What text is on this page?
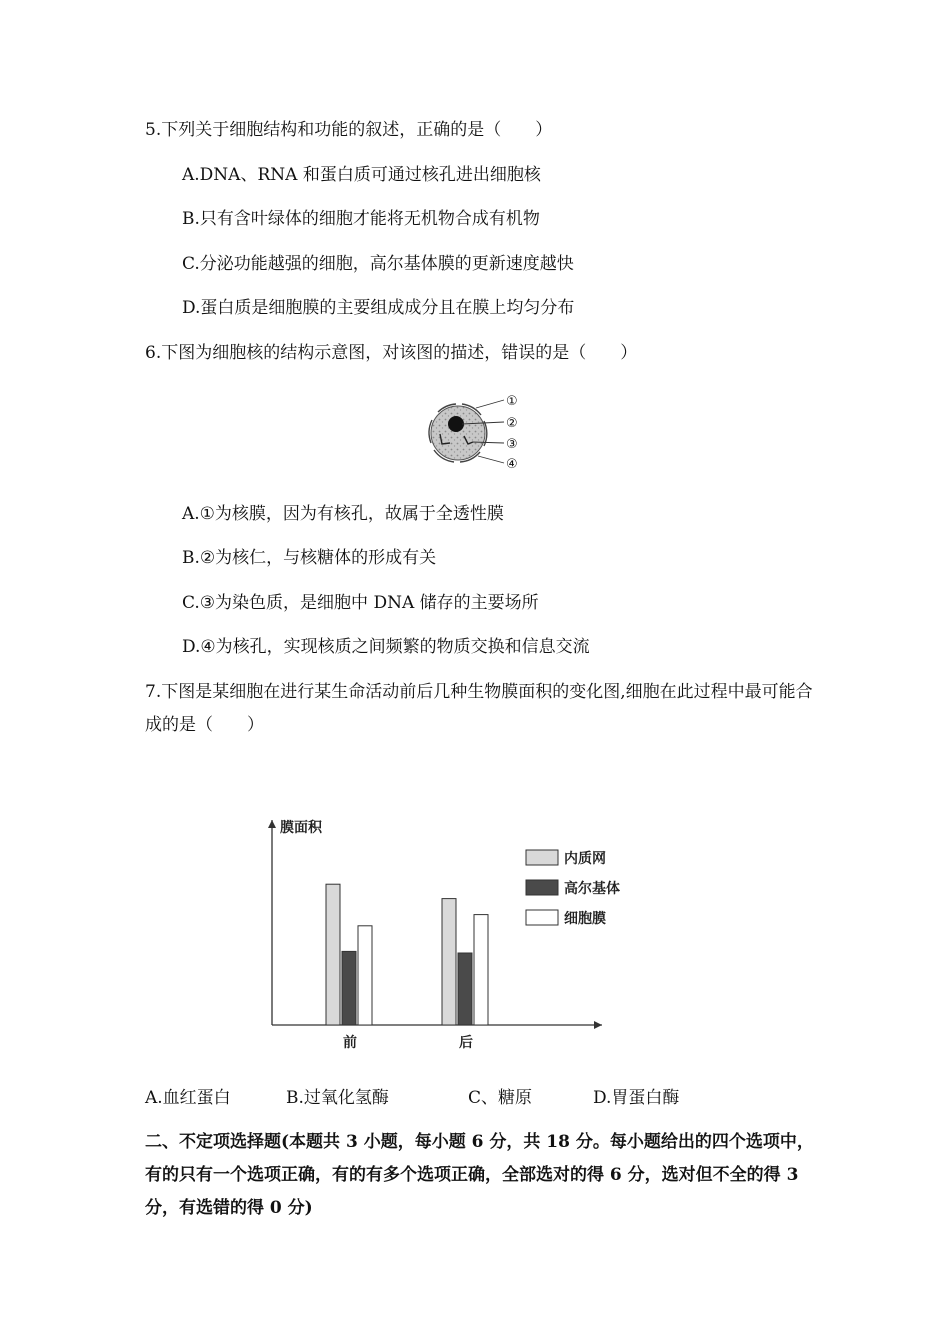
5.下列关于细胞结构和功能的叙述，正确的是（　　）
A.DNA、RNA 和蛋白质可通过核孔进出细胞核
B.只有含叶绿体的细胞才能将无机物合成有机物
C.分泌功能越强的细胞，高尔基体膜的更新速度越快
D.蛋白质是细胞膜的主要组成成分且在膜上均匀分布
6.下图为细胞核的结构示意图，对该图的描述，错误的是（　　）
①
②
③
④
A.①为核膜，因为有核孔，故属于全透性膜
B.②为核仁，与核糖体的形成有关
C.③为染色质，是细胞中 DNA 储存的主要场所
D.④为核孔，实现核质之间频繁的物质交换和信息交流
7.下图是某细胞在进行某生命活动前后几种生物膜面积的变化图,细胞在此过程中最可能合成的是（　　）
膜面积
前	后
内质网
高尔基体
细胞膜
A.血红蛋白	B.过氧化氢酶	C、糖原	D.胃蛋白酶
二、不定项选择题(本题共 3 小题，每小题 6 分，共 18 分。每小题给出的四个选项中，有的只有一个选项正确，有的有多个选项正确，全部选对的得 6 分，选对但不全的得 3 分，有选错的得 0 分)
